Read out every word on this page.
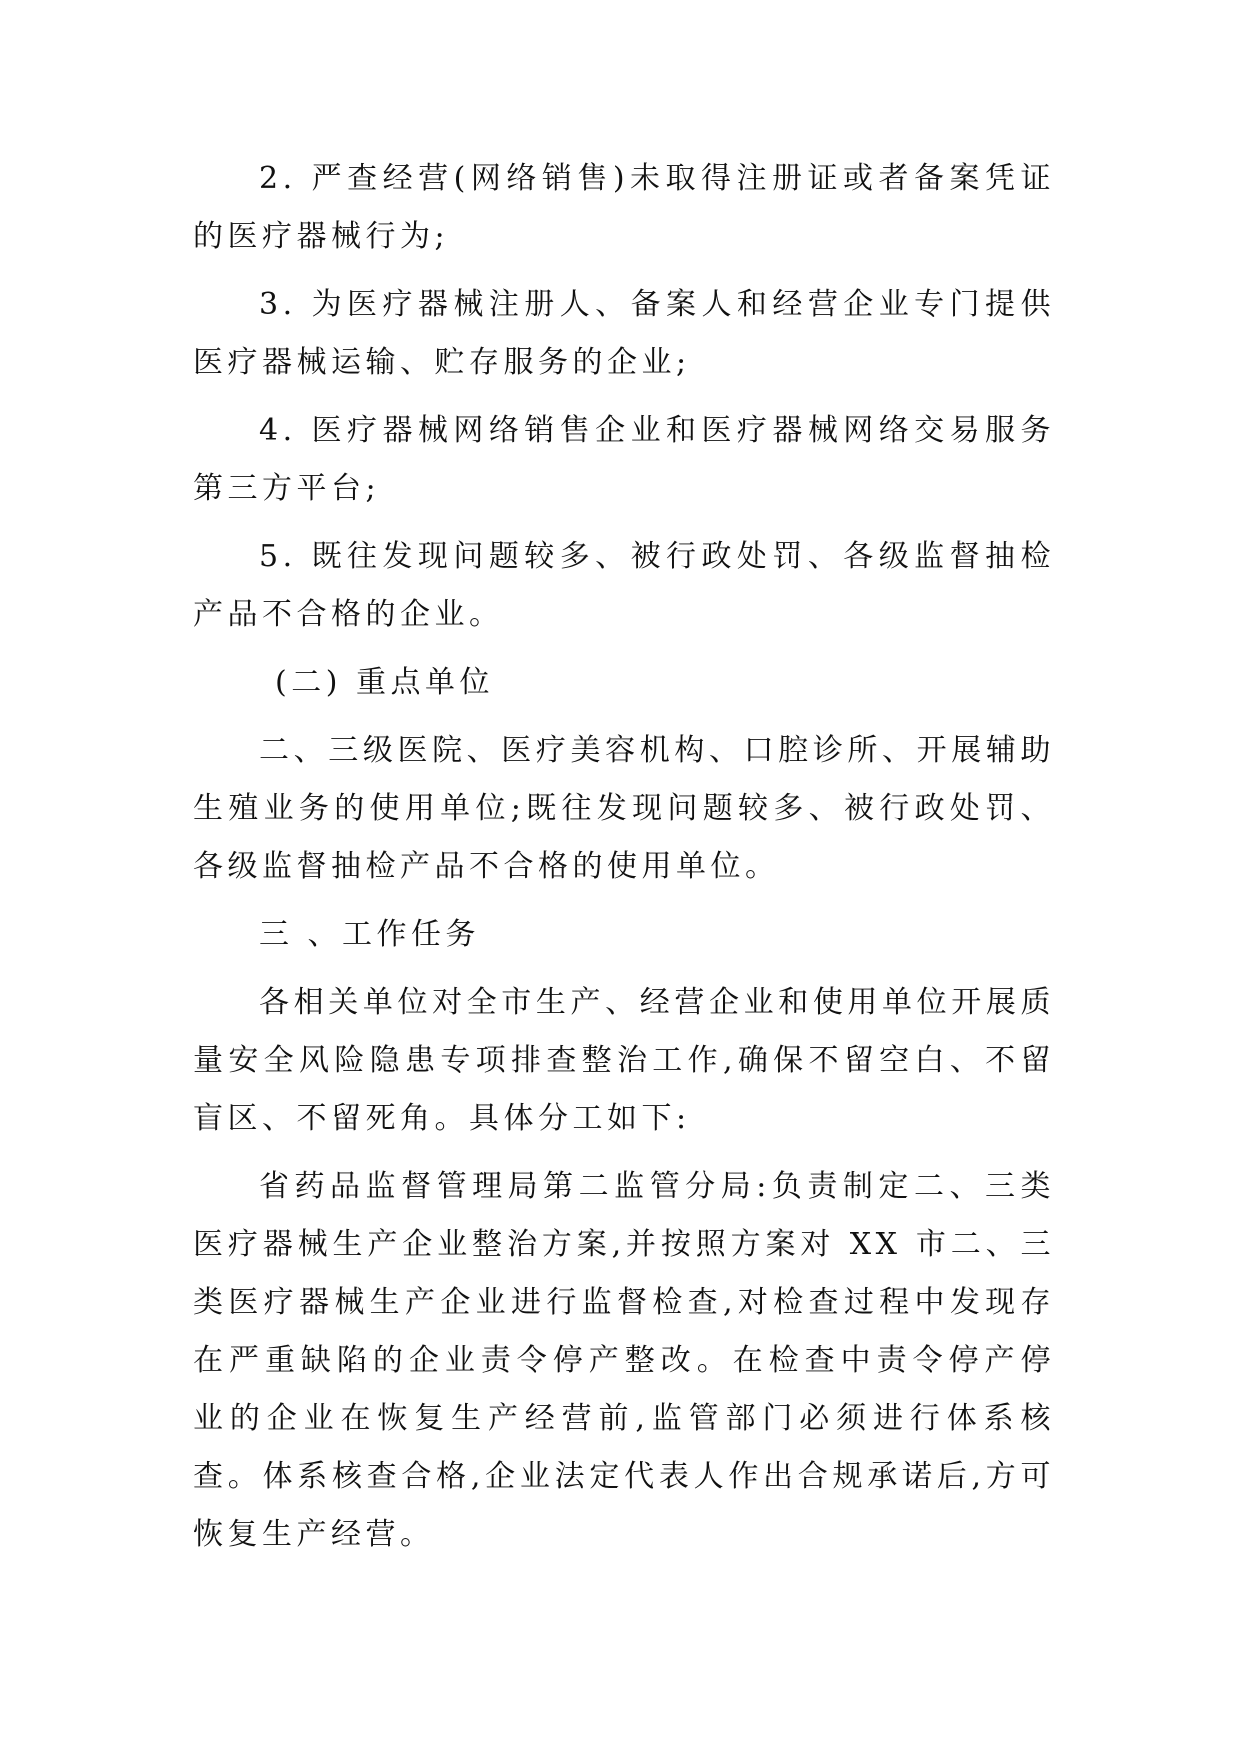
2. 严查经营(网络销售)未取得注册证或者备案凭证的医疗器械行为;

3. 为医疗器械注册人、备案人和经营企业专门提供医疗器械运输、贮存服务的企业;

4. 医疗器械网络销售企业和医疗器械网络交易服务第三方平台;

5. 既往发现问题较多、被行政处罚、各级监督抽检产品不合格的企业。

(二) 重点单位

二、三级医院、医疗美容机构、口腔诊所、开展辅助生殖业务的使用单位;既往发现问题较多、被行政处罚、各级监督抽检产品不合格的使用单位。

三 、工作任务

各相关单位对全市生产、经营企业和使用单位开展质量安全风险隐患专项排查整治工作,确保不留空白、不留盲区、不留死角。具体分工如下:

省药品监督管理局第二监管分局:负责制定二、三类医疗器械生产企业整治方案,并按照方案对 XX 市二、三类医疗器械生产企业进行监督检查,对检查过程中发现存在严重缺陷的企业责令停产整改。在检查中责令停产停业的企业在恢复生产经营前,监管部门必须进行体系核查。体系核查合格,企业法定代表人作出合规承诺后,方可恢复生产经营。
